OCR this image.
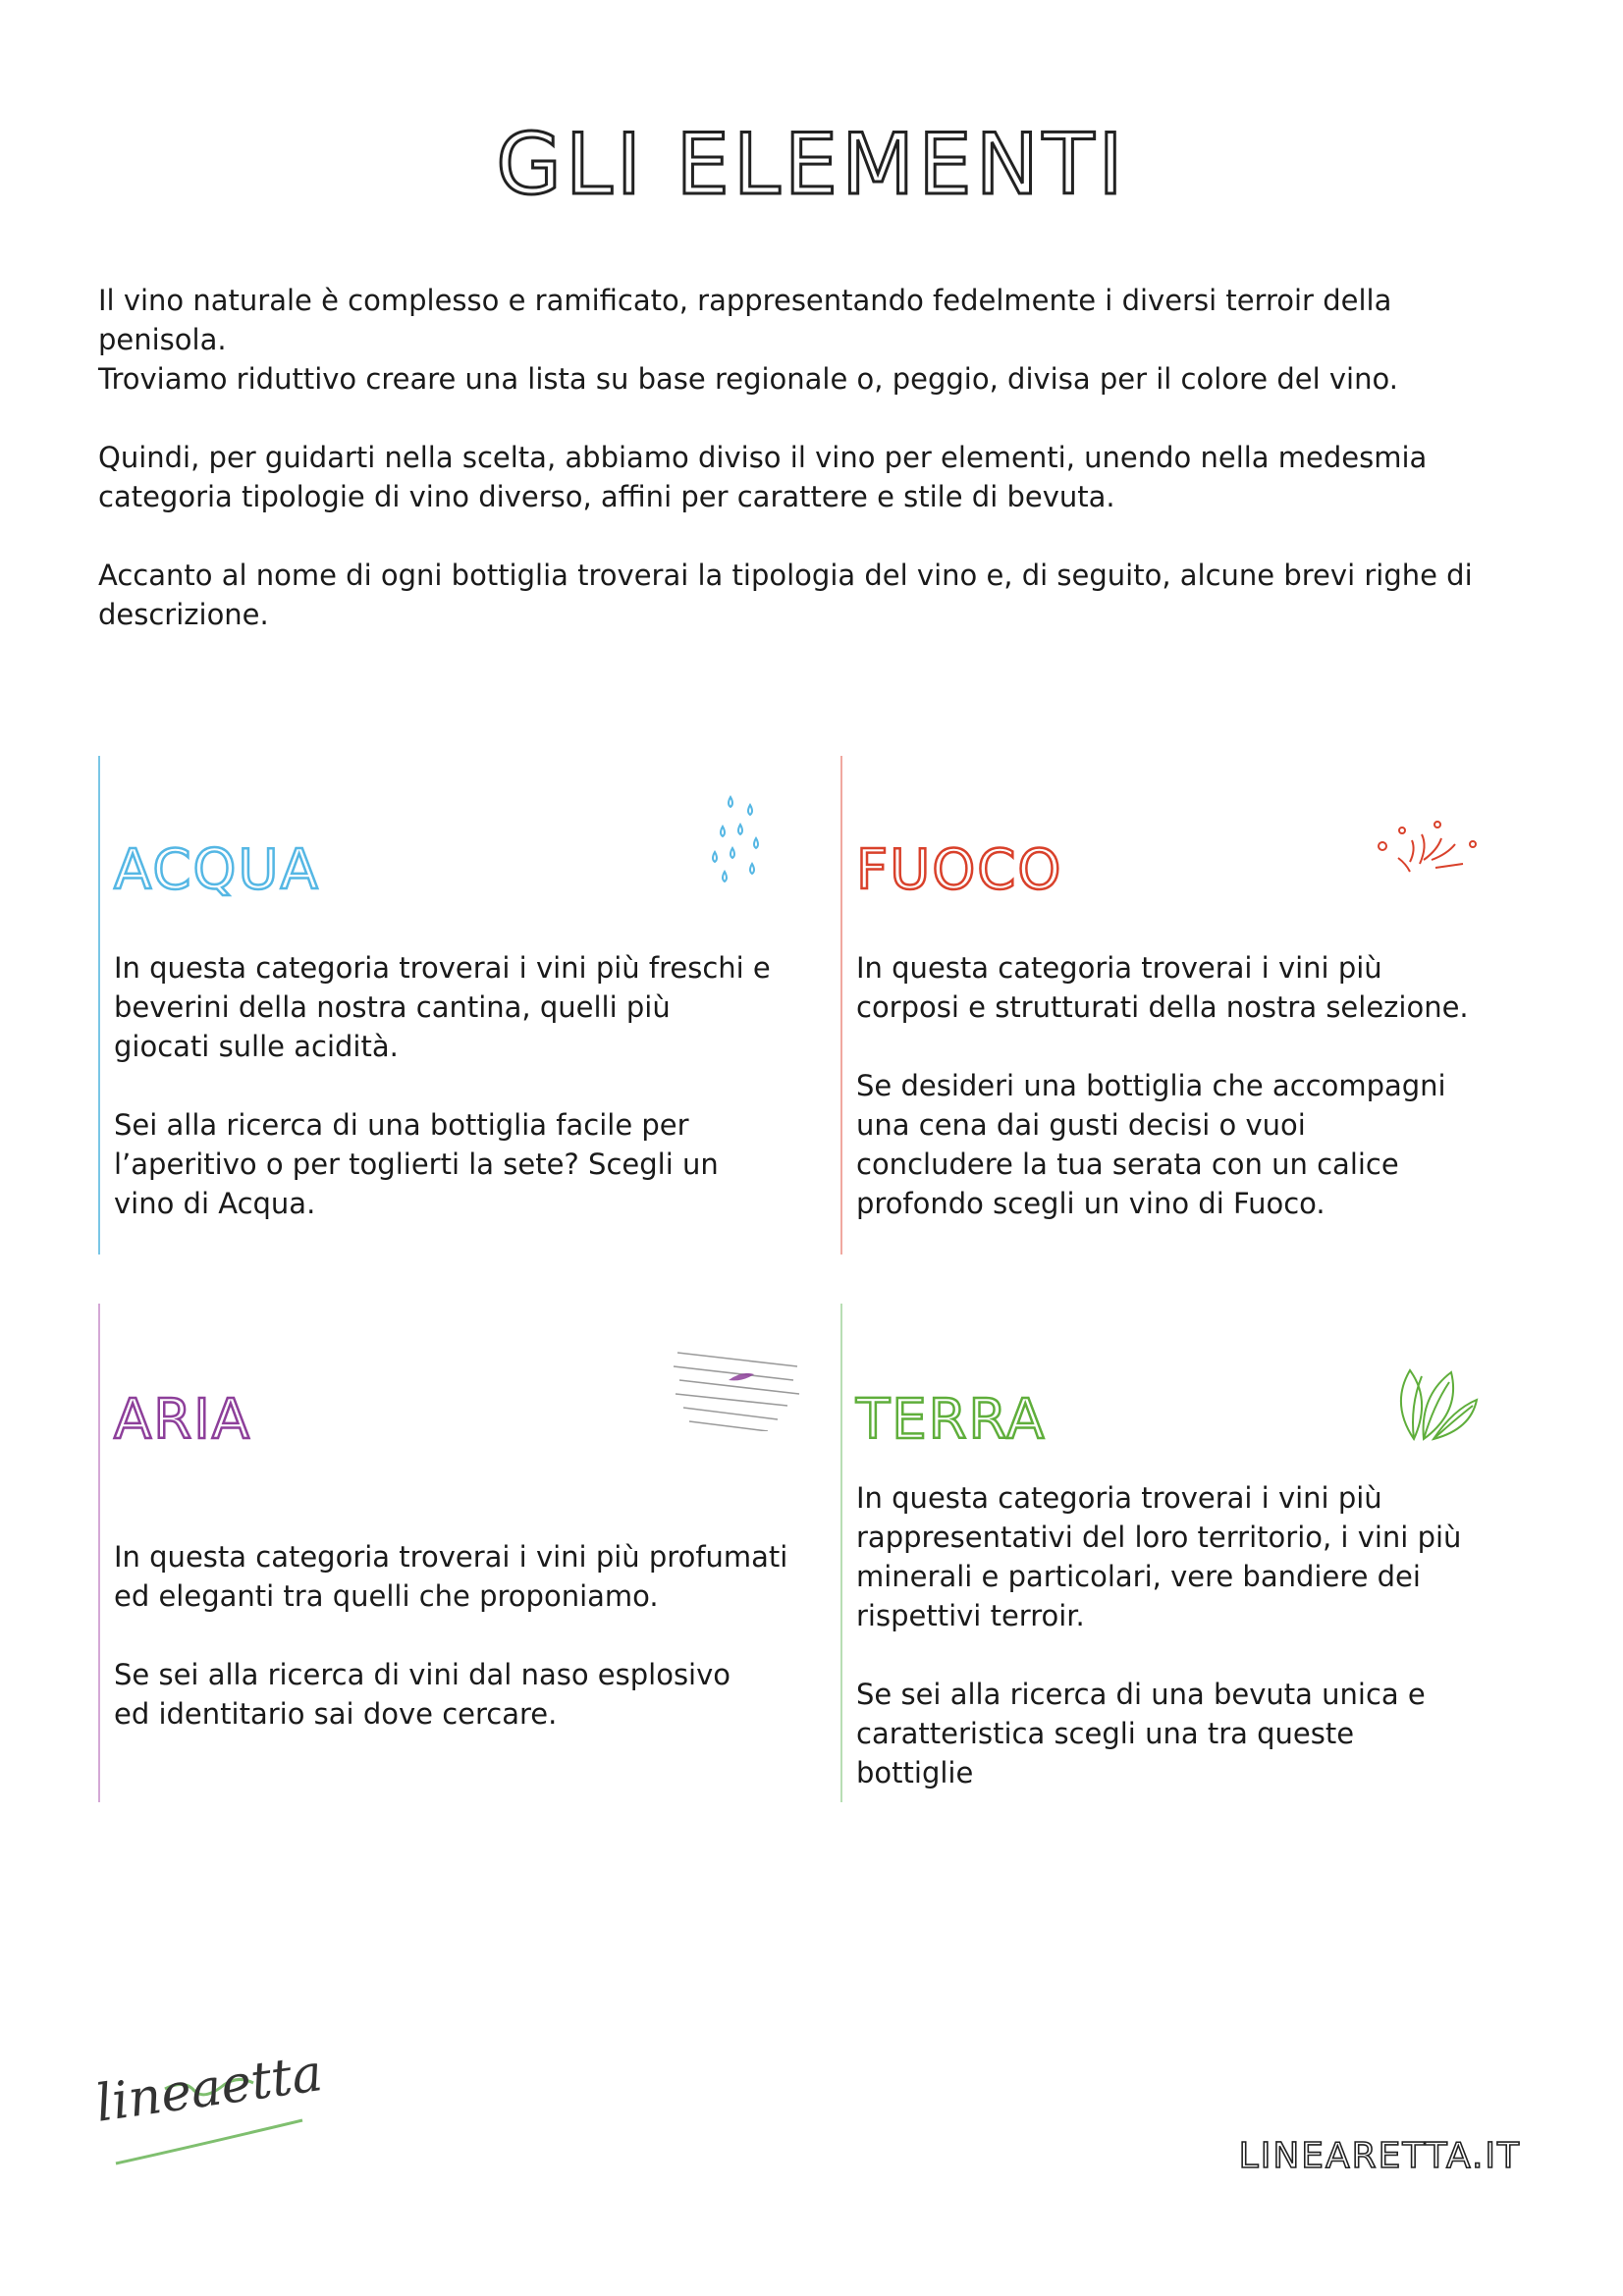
GLI ELEMENTI

Il vino naturale è complesso e ramificato, rappresentando fedelmente i diversi terroir della
penisola.
Troviamo riduttivo creare una lista su base regionale o, peggio, divisa per il colore del vino.

Quindi, per guidarti nella scelta, abbiamo diviso il vino per elementi, unendo nella medesmia
categoria tipologie di vino diverso, affini per carattere e stile di bevuta.

Accanto al nome di ogni bottiglia troverai la tipologia del vino e, di seguito, alcune brevi righe di
descrizione.

ACQUA

In questa categoria troverai i vini più freschi e
beverini della nostra cantina, quelli più
giocati sulle acidità.

Sei alla ricerca di una bottiglia facile per
l’aperitivo o per toglierti la sete? Scegli un
vino di Acqua.

FUOCO

In questa categoria troverai i vini più
corposi e strutturati della nostra selezione.

Se desideri una bottiglia che accompagni
una cena dai gusti decisi o vuoi
concludere la tua serata con un calice
profondo scegli un vino di Fuoco.

ARIA

In questa categoria troverai i vini più profumati
ed eleganti tra quelli che proponiamo.

Se sei alla ricerca di vini dal naso esplosivo
ed identitario sai dove cercare.

TERRA

In questa categoria troverai i vini più
rappresentativi del loro territorio, i vini più
minerali e particolari, vere bandiere dei
rispettivi terroir.

Se sei alla ricerca di una bevuta unica e
caratteristica scegli una tra queste
bottiglie

lineaetta
LINEARETTA.IT
